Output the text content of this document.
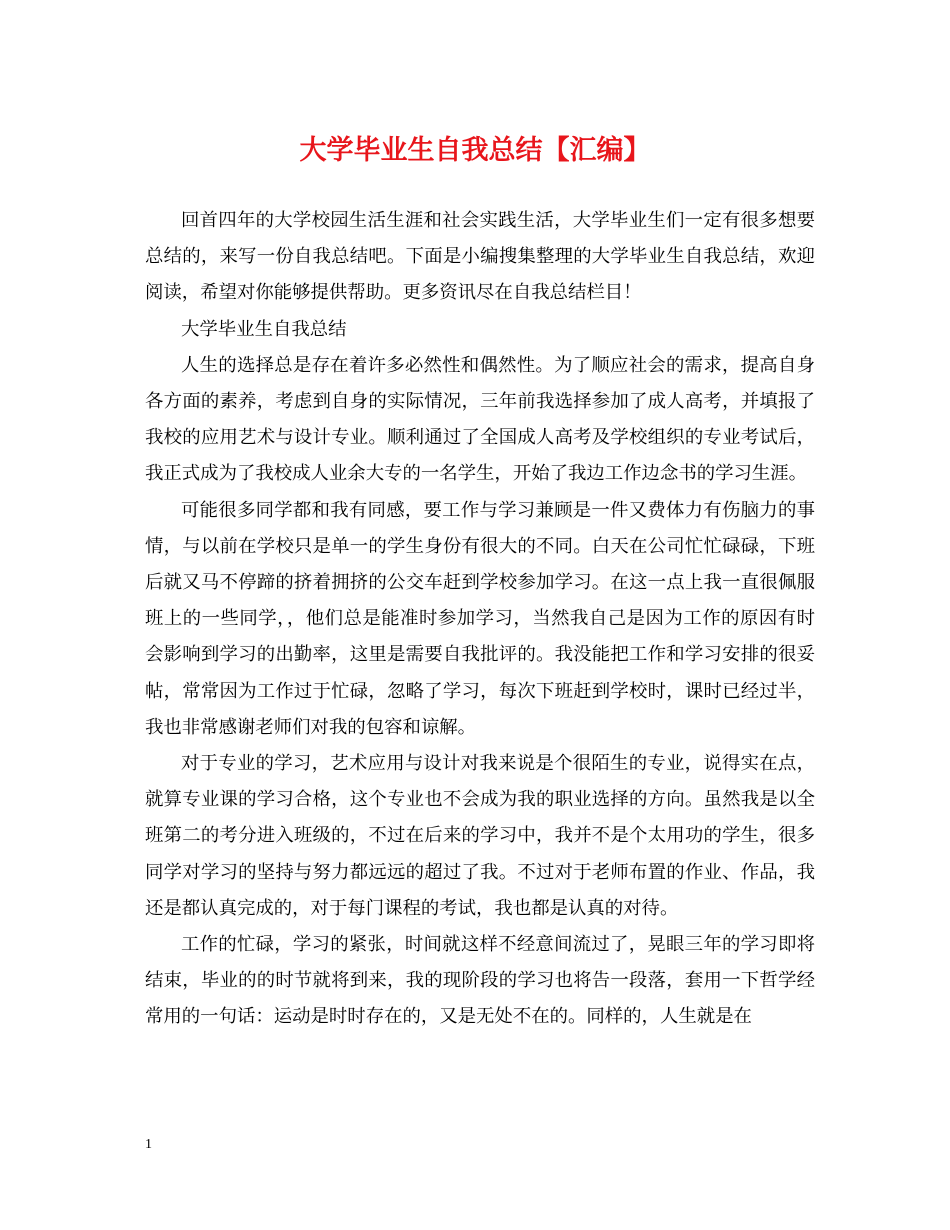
大学毕业生自我总结【汇编】

回首四年的大学校园生活生涯和社会实践生活，大学毕业生们一定有很多想要总结的，来写一份自我总结吧。下面是小编搜集整理的大学毕业生自我总结，欢迎阅读，希望对你能够提供帮助。更多资讯尽在自我总结栏目！

大学毕业生自我总结

人生的选择总是存在着许多必然性和偶然性。为了顺应社会的需求，提高自身各方面的素养，考虑到自身的实际情况，三年前我选择参加了成人高考，并填报了我校的应用艺术与设计专业。顺利通过了全国成人高考及学校组织的专业考试后，我正式成为了我校成人业余大专的一名学生，开始了我边工作边念书的学习生涯。

可能很多同学都和我有同感，要工作与学习兼顾是一件又费体力有伤脑力的事情，与以前在学校只是单一的学生身份有很大的不同。白天在公司忙忙碌碌，下班后就又马不停蹄的挤着拥挤的公交车赶到学校参加学习。在这一点上我一直很佩服班上的一些同学，，他们总是能准时参加学习，当然我自己是因为工作的原因有时会影响到学习的出勤率，这里是需要自我批评的。我没能把工作和学习安排的很妥帖，常常因为工作过于忙碌，忽略了学习，每次下班赶到学校时，课时已经过半，我也非常感谢老师们对我的包容和谅解。

对于专业的学习，艺术应用与设计对我来说是个很陌生的专业，说得实在点，就算专业课的学习合格，这个专业也不会成为我的职业选择的方向。虽然我是以全班第二的考分进入班级的，不过在后来的学习中，我并不是个太用功的学生，很多同学对学习的坚持与努力都远远的超过了我。不过对于老师布置的作业、作品，我还是都认真完成的，对于每门课程的考试，我也都是认真的对待。

工作的忙碌，学习的紧张，时间就这样不经意间流过了，晃眼三年的学习即将结束，毕业的的时节就将到来，我的现阶段的学习也将告一段落，套用一下哲学经常用的一句话：运动是时时存在的，又是无处不在的。同样的，人生就是在

1
